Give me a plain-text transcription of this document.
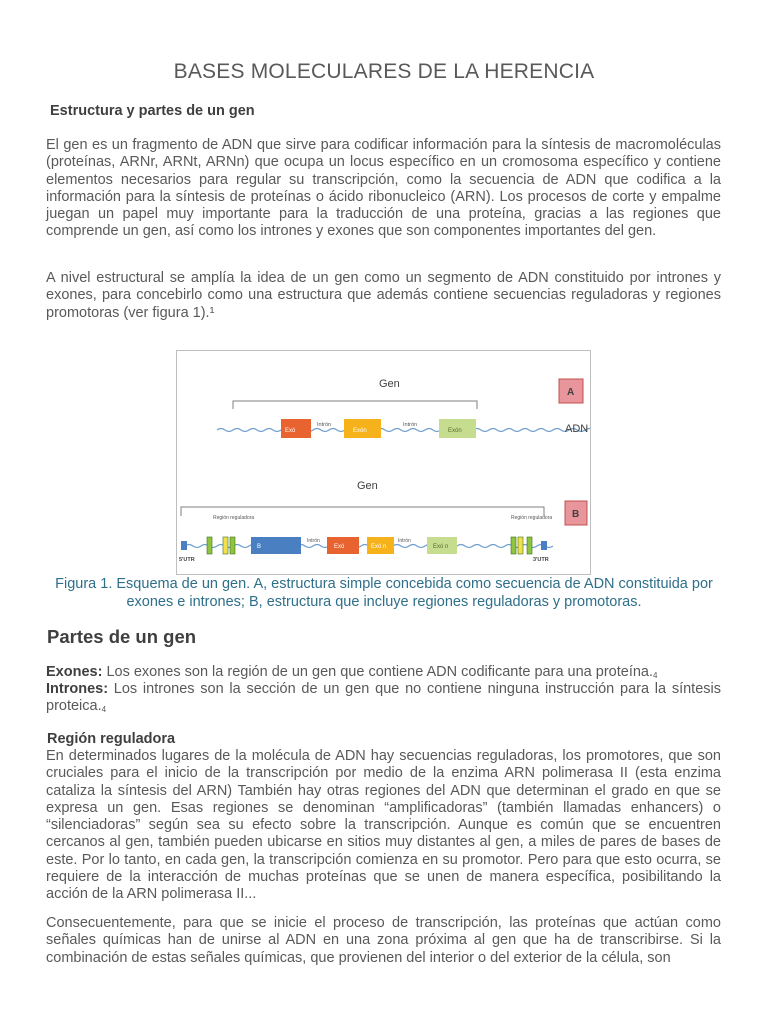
BASES MOLECULARES DE LA HERENCIA
Estructura y partes de un gen
El gen es un fragmento de ADN que sirve para codificar información para la síntesis de macromoléculas (proteínas, ARNr, ARNt, ARNn) que ocupa un locus específico en un cromosoma específico y contiene elementos necesarios para regular su transcripción, como la secuencia de ADN que codifica a la información para la síntesis de proteínas o ácido ribonucleico (ARN). Los procesos de corte y empalme juegan un papel muy importante para la traducción de una proteína, gracias a las regiones que comprende un gen, así como los intrones y exones que son componentes importantes del gen.
A nivel estructural se amplía la idea de un gen como un segmento de ADN constituido por intrones y exones, para concebirlo como una estructura que además contiene secuencias reguladoras y regiones promotoras (ver figura 1).¹
Gen
Exó
Intrón
Exón
Intrón
Exón	ADN
A
Gen
Región reguladora	Región reguladora
5'UTR
B
Intrón
Exó	Exó n
Intrón
Exó n
3'UTR
B
Figura 1. Esquema de un gen. A, estructura simple concebida como secuencia de ADN constituida por exones e intrones; B, estructura que incluye regiones reguladoras y promotoras.
Partes de un gen
Exones: Los exones son la región de un gen que contiene ADN codificante para una $proteína._4$
Intrones: Los intrones son la sección de un gen que no contiene ninguna instrucción para la síntesis $proteica._4$
Región reguladora
En determinados lugares de la molécula de ADN hay secuencias reguladoras, los promotores, que son cruciales para el inicio de la transcripción por medio de la enzima ARN polimerasa II (esta enzima cataliza la síntesis del ARN) También hay otras regiones del ADN que determinan el grado en que se expresa un gen. Esas regiones se denominan “amplificadoras” (también llamadas enhancers) o “silenciadoras” según sea su efecto sobre la transcripción. Aunque es común que se encuentren cercanos al gen, también pueden ubicarse en sitios muy distantes al gen, a miles de pares de bases de este. Por lo tanto, en cada gen, la transcripción comienza en su promotor. Pero para que esto ocurra, se requiere de la interacción de muchas proteínas que se unen de manera específica, posibilitando la acción de la ARN polimerasa II...
Consecuentemente, para que se inicie el proceso de transcripción, las proteínas que actúan como señales químicas han de unirse al ADN en una zona próxima al gen que ha de transcribirse. Si la combinación de estas señales químicas, que provienen del interior o del exterior de la célula, son
